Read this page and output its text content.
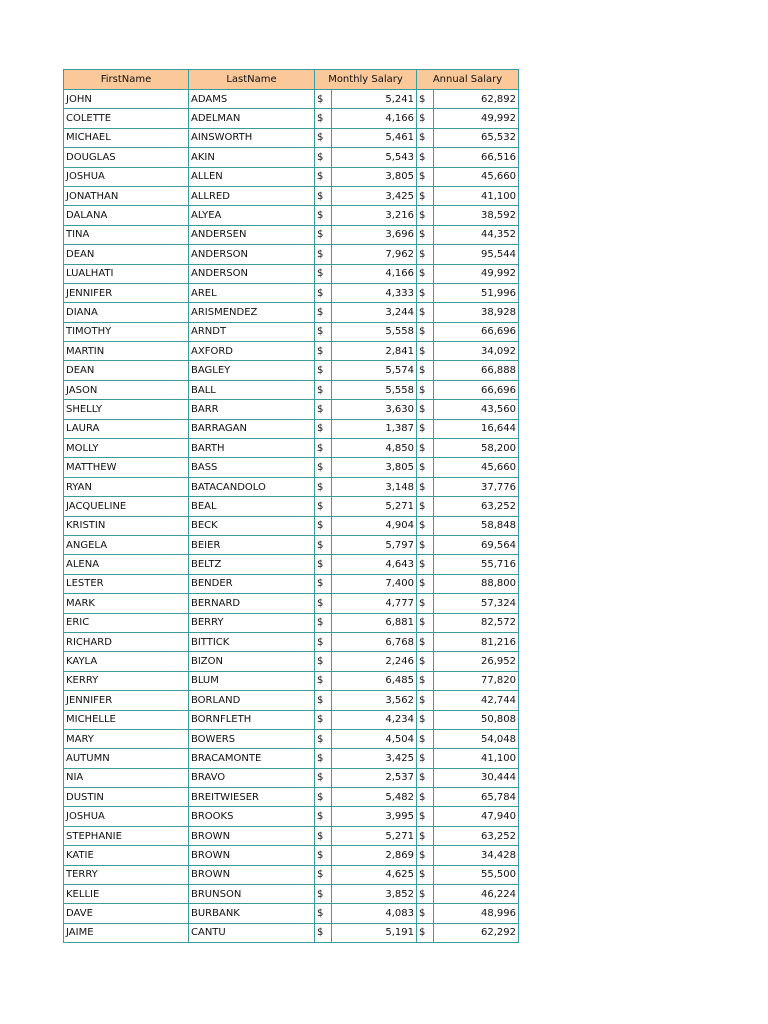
FirstName	LastName	Monthly Salary		Annual Salary	
JOHN	ADAMS	$	5,241	$	62,892
COLETTE	ADELMAN	$	4,166	$	49,992
MICHAEL	AINSWORTH	$	5,461	$	65,532
DOUGLAS	AKIN	$	5,543	$	66,516
JOSHUA	ALLEN	$	3,805	$	45,660
JONATHAN	ALLRED	$	3,425	$	41,100
DALANA	ALYEA	$	3,216	$	38,592
TINA	ANDERSEN	$	3,696	$	44,352
DEAN	ANDERSON	$	7,962	$	95,544
LUALHATI	ANDERSON	$	4,166	$	49,992
JENNIFER	AREL	$	4,333	$	51,996
DIANA	ARISMENDEZ	$	3,244	$	38,928
TIMOTHY	ARNDT	$	5,558	$	66,696
MARTIN	AXFORD	$	2,841	$	34,092
DEAN	BAGLEY	$	5,574	$	66,888
JASON	BALL	$	5,558	$	66,696
SHELLY	BARR	$	3,630	$	43,560
LAURA	BARRAGAN	$	1,387	$	16,644
MOLLY	BARTH	$	4,850	$	58,200
MATTHEW	BASS	$	3,805	$	45,660
RYAN	BATACANDOLO	$	3,148	$	37,776
JACQUELINE	BEAL	$	5,271	$	63,252
KRISTIN	BECK	$	4,904	$	58,848
ANGELA	BEIER	$	5,797	$	69,564
ALENA	BELTZ	$	4,643	$	55,716
LESTER	BENDER	$	7,400	$	88,800
MARK	BERNARD	$	4,777	$	57,324
ERIC	BERRY	$	6,881	$	82,572
RICHARD	BITTICK	$	6,768	$	81,216
KAYLA	BIZON	$	2,246	$	26,952
KERRY	BLUM	$	6,485	$	77,820
JENNIFER	BORLAND	$	3,562	$	42,744
MICHELLE	BORNFLETH	$	4,234	$	50,808
MARY	BOWERS	$	4,504	$	54,048
AUTUMN	BRACAMONTE	$	3,425	$	41,100
NIA	BRAVO	$	2,537	$	30,444
DUSTIN	BREITWIESER	$	5,482	$	65,784
JOSHUA	BROOKS	$	3,995	$	47,940
STEPHANIE	BROWN	$	5,271	$	63,252
KATIE	BROWN	$	2,869	$	34,428
TERRY	BROWN	$	4,625	$	55,500
KELLIE	BRUNSON	$	3,852	$	46,224
DAVE	BURBANK	$	4,083	$	48,996
JAIME	CANTU	$	5,191	$	62,292
